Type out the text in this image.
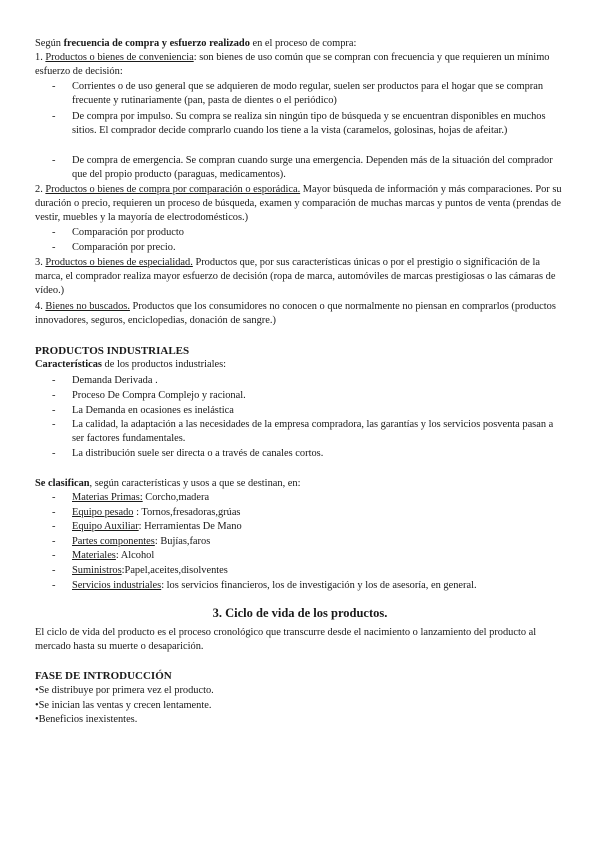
Según frecuencia de compra y esfuerzo realizado en el proceso de compra:
1. Productos o bienes de conveniencia: son bienes de uso común que se compran con frecuencia y que requieren un mínimo esfuerzo de decisión:
-	Corrientes o de uso general que se adquieren de modo regular, suelen ser productos para el hogar que se compran frecuente y rutinariamente (pan, pasta de dientes o el periódico)
-	De compra por impulso. Su compra se realiza sin ningún tipo de búsqueda y se encuentran disponibles en muchos sitios. El comprador decide comprarlo cuando los tiene a la vista (caramelos, golosinas, hojas de afeitar.)
-	De compra de emergencia. Se compran cuando surge una emergencia. Dependen más de la situación del comprador que del propio producto (paraguas, medicamentos).
2. Productos o bienes de compra por comparación o esporádica. Mayor búsqueda de información y más comparaciones. Por su duración o precio, requieren un proceso de búsqueda, examen y comparación de muchas marcas y puntos de venta (prendas de vestir, muebles y la mayoría de electrodomésticos.)
-	Comparación por producto
-	Comparación por precio.
3. Productos o bienes de especialidad. Productos que, por sus características únicas o por el prestigio o significación de la marca, el comprador realiza mayor esfuerzo de decisión (ropa de marca, automóviles de marcas prestigiosas o las cámaras de vídeo.)
4. Bienes no buscados. Productos que los consumidores no conocen o que normalmente no piensan en comprarlos (productos innovadores, seguros, enciclopedias, donación de sangre.)
PRODUCTOS INDUSTRIALES
Características de los productos industriales:
-	Demanda Derivada .
-	Proceso De Compra Complejo y racional.
-	La Demanda en ocasiones es inelástica
-	La calidad, la adaptación a las necesidades de la empresa compradora, las garantías y los servicios posventa pasan a ser factores fundamentales.
-	La distribución suele ser directa o a través de canales cortos.
Se clasifican, según características y usos a que se destinan, en:
-	Materias Primas: Corcho,madera
-	Equipo pesado : Tornos,fresadoras,grúas
-	Equipo Auxiliar: Herramientas De Mano
-	Partes componentes: Bujías,faros
-	Materiales: Alcohol
-	Suministros:Papel,aceites,disolventes
-	Servicios industriales: los servicios financieros, los de investigación y los de asesoría, en general.
3. Ciclo de vida de los productos.
El ciclo de vida del producto es el proceso cronológico que transcurre desde el nacimiento o lanzamiento del producto al mercado hasta su muerte o desaparición.
FASE DE INTRODUCCIÓN
•Se distribuye por primera vez el producto.
•Se inician las ventas y crecen lentamente.
•Beneficios inexistentes.
